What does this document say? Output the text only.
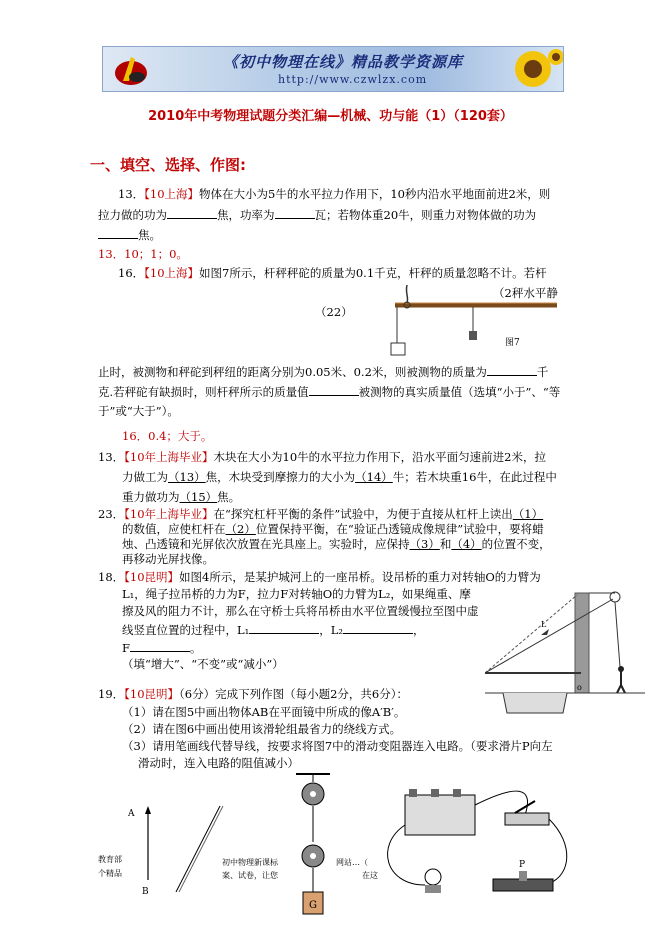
《初中物理在线》精品教学资源库
http://www.czwlzx.com
2010年中考物理试题分类汇编—机械、功与能（1）（120套）
一、填空、选择、作图:
13．【10上海】物体在大小为5牛的水平拉力作用下，10秒内沿水平地面前进2米，则
拉力做的功为	焦，功率为	瓦；若物体重20牛，则重力对物体做的功为
焦。
13．10；1；0。
16．【10上海】如图7所示，杆秤秤砣的质量为0.1千克，杆秤的质量忽略不计。若杆
（2秤水平静
（22）
图7
止时，被测物和秤砣到秤纽的距离分别为0.05米、0.2米，则被测物的质量为	千
克.若秤砣有缺损时，则杆秤所示的质量值	被测物的真实质量值（选填“小于”、“等
于”或“大于”）。
16．0.4；大于。
13．【10年上海毕业】木块在大小为10牛的水平拉力作用下，沿水平面匀速前进2米，拉
力做工为（13）焦，木块受到摩擦力的大小为（14）牛；若木块重16牛，在此过程中
重力做功为（15）焦。
23．【10年上海毕业】在“探究杠杆平衡的条件”试验中，为便于直接从杠杆上读出（1）
的数值，应使杠杆在（2）位置保持平衡，在“验证凸透镜成像规律”试验中，要将蜡
烛、凸透镜和光屏依次放置在光具座上。实验时，应保持（3）和（4）的位置不变，
再移动光屏找像。
18．【10昆明】如图4所示，是某护城河上的一座吊桥。设吊桥的重力对转轴O的力臂为
L₁，绳子拉吊桥的力为F，拉力F对转轴O的力臂为L₂，如果绳重、摩
擦及风的阻力不计，那么在守桥士兵将吊桥由水平位置缓慢拉至图中虚
线竖直位置的过程中，L₁	，L₂	，
F	。
（填“增大”、“不变”或“减小”）
L
o
19．【10昆明】（6分）完成下列作图（每小题2分，共6分）：
（1）请在图5中画出物体AB在平面镜中所成的像A′B′。
（2）请在图6中画出使用该滑轮组最省力的绕线方式。
（3）请用笔画线代替导线，按要求将图7中的滑动变阻器连入电路。（要求滑片P向左
滑动时，连入电路的阻值减小）
A
B
教育部
个精品
G
初中物理新课标	网站…（
案、试卷，让您	在这
P
